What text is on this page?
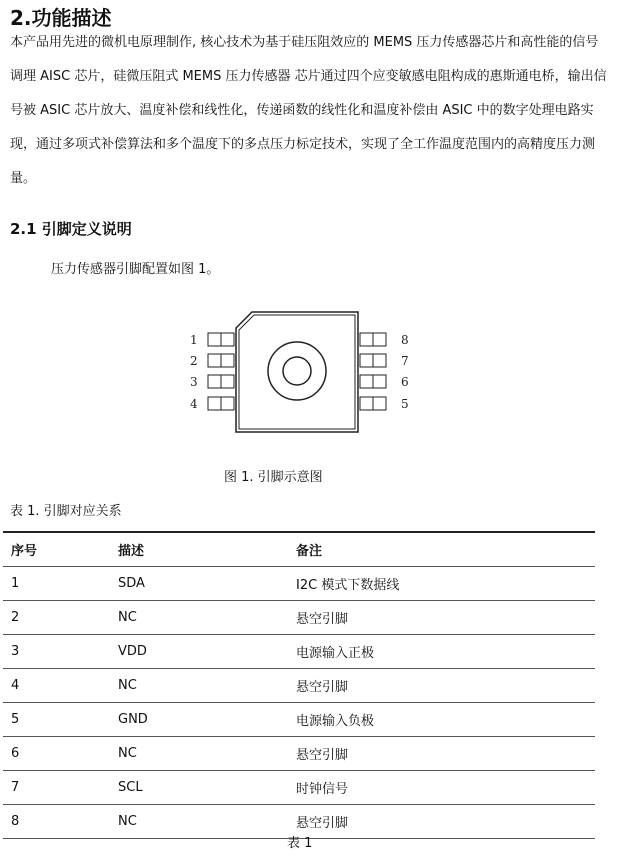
2.功能描述

本产品用先进的微机电原理制作, 核心技术为基于硅压阻效应的 MEMS 压力传感器芯片和高性能的信号调理 AISC 芯片，硅微压阻式 MEMS 压力传感器 芯片通过四个应变敏感电阻构成的惠斯通电桥，输出信号被 ASIC 芯片放大、温度补偿和线性化，传递函数的线性化和温度补偿由 ASIC 中的数字处理电路实现，通过多项式补偿算法和多个温度下的多点压力标定技术，实现了全工作温度范围内的高精度压力测量。

2.1 引脚定义说明

压力传感器引脚配置如图 1。

1
2
3
4
8
7
6
5

图 1. 引脚示意图

表 1. 引脚对应关系

序号	描述	备注
1	SDA	I2C 模式下数据线
2	NC	悬空引脚
3	VDD	电源输入正极
4	NC	悬空引脚
5	GND	电源输入负极
6	NC	悬空引脚
7	SCL	时钟信号
8	NC	悬空引脚

表 1
